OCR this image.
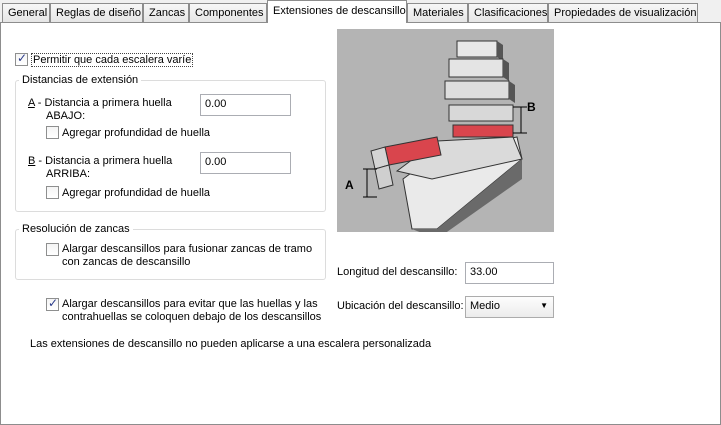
General Reglas de diseño Zancas Componentes Extensiones de descansillo Materiales Clasificaciones Propiedades de visualización
✓
Permitir que cada escalera varíe
Distancias de extensión
A - Distancia a primera huella
ABAJO:
0.00
Agregar profundidad de huella
B - Distancia a primera huella
ARRIBA:
0.00
Agregar profundidad de huella
Resolución de zancas
Alargar descansillos para fusionar zancas de tramo
con zancas de descansillo
✓
Alargar descansillos para evitar que las huellas y las
contrahuellas se coloquen debajo de los descansillos
Las extensiones de descansillo no pueden aplicarse a una escalera personalizada
A
B
Longitud del descansillo:	33.00
Ubicación del descansillo: Medio	▼
